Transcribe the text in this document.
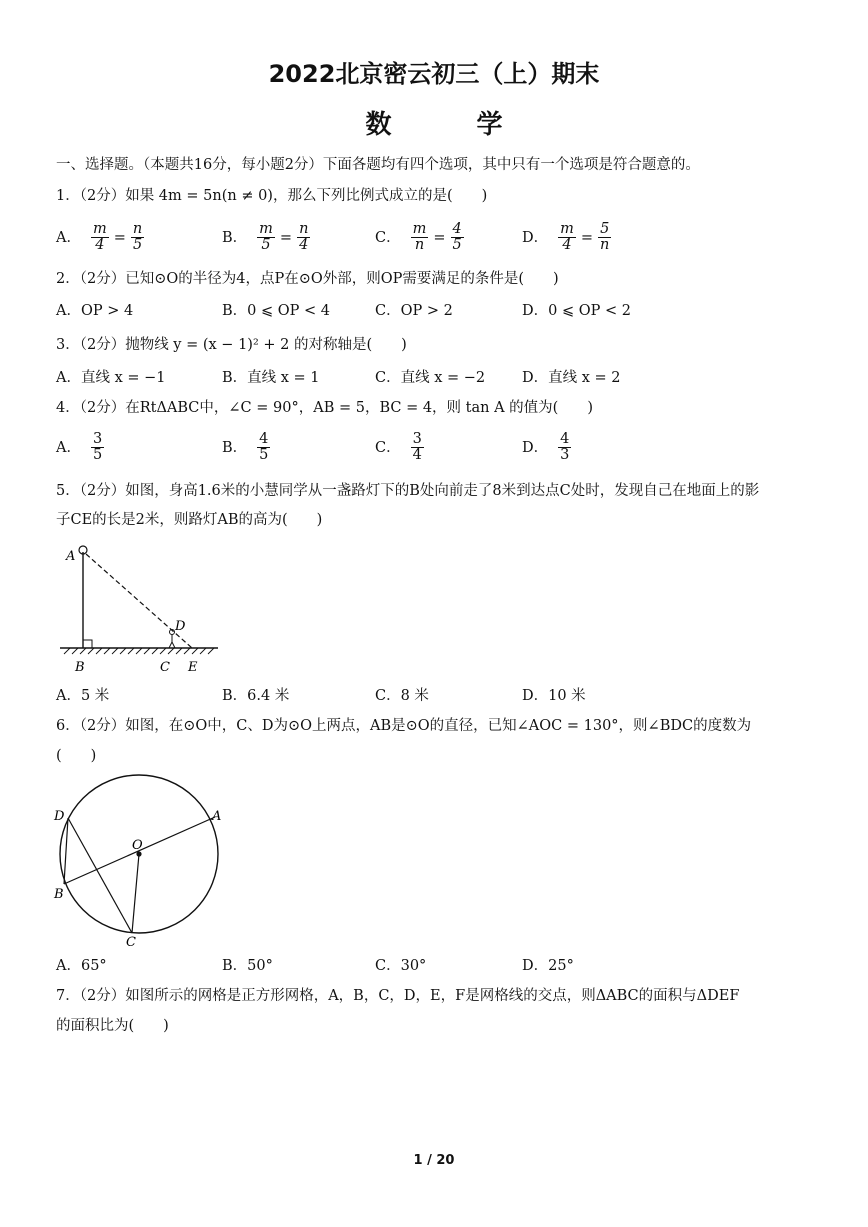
2022北京密云初三（上）期末
数 学
一、选择题。（本题共16分，每小题2分）下面各题均有四个选项，其中只有一个选项是符合题意的。
1．（2分）如果 4m = 5n(n ≠ 0)，那么下列比例式成立的是(　　)
A． $\frac{m}{4} = \frac{n}{5}$	B． $\frac{m}{5} = \frac{n}{4}$	C． $\frac{m}{n} = \frac{4}{5}$	D． $\frac{m}{4} = \frac{5}{n}$
2．（2分）已知⊙O的半径为4，点P在⊙O外部，则OP需要满足的条件是(　　)
A．OP > 4	B．0 ⩽ OP < 4	C．OP > 2	D．0 ⩽ OP < 2
3．（2分）抛物线 y = (x − 1)² + 2 的对称轴是(　　)
A．直线 x = −1	B．直线 x = 1	C．直线 x = −2	D．直线 x = 2
4．（2分）在RtΔABC中，∠C = 90°，AB = 5，BC = 4，则 tan A 的值为(　　)
A． $\frac{3}{5}$	B． $\frac{4}{5}$	C． $\frac{3}{4}$	D． $\frac{4}{3}$
5．（2分）如图，身高1.6米的小慧同学从一盏路灯下的B处向前走了8米到达点C处时，发现自己在地面上的影
子CE的长是2米，则路灯AB的高为(　　)
A
B	C
D
E
A．5 米	B．6.4 米	C．8 米	D．10 米
6．（2分）如图，在⊙O中，C、D为⊙O上两点，AB是⊙O的直径，已知∠AOC = 130°，则∠BDC的度数为
(　　)
D	A
O
B
C
A．65°	B．50°	C．30°	D．25°
7．（2分）如图所示的网格是正方形网格，A，B，C，D，E，F是网格线的交点，则ΔABC的面积与ΔDEF
的面积比为(　　)
1 / 20
